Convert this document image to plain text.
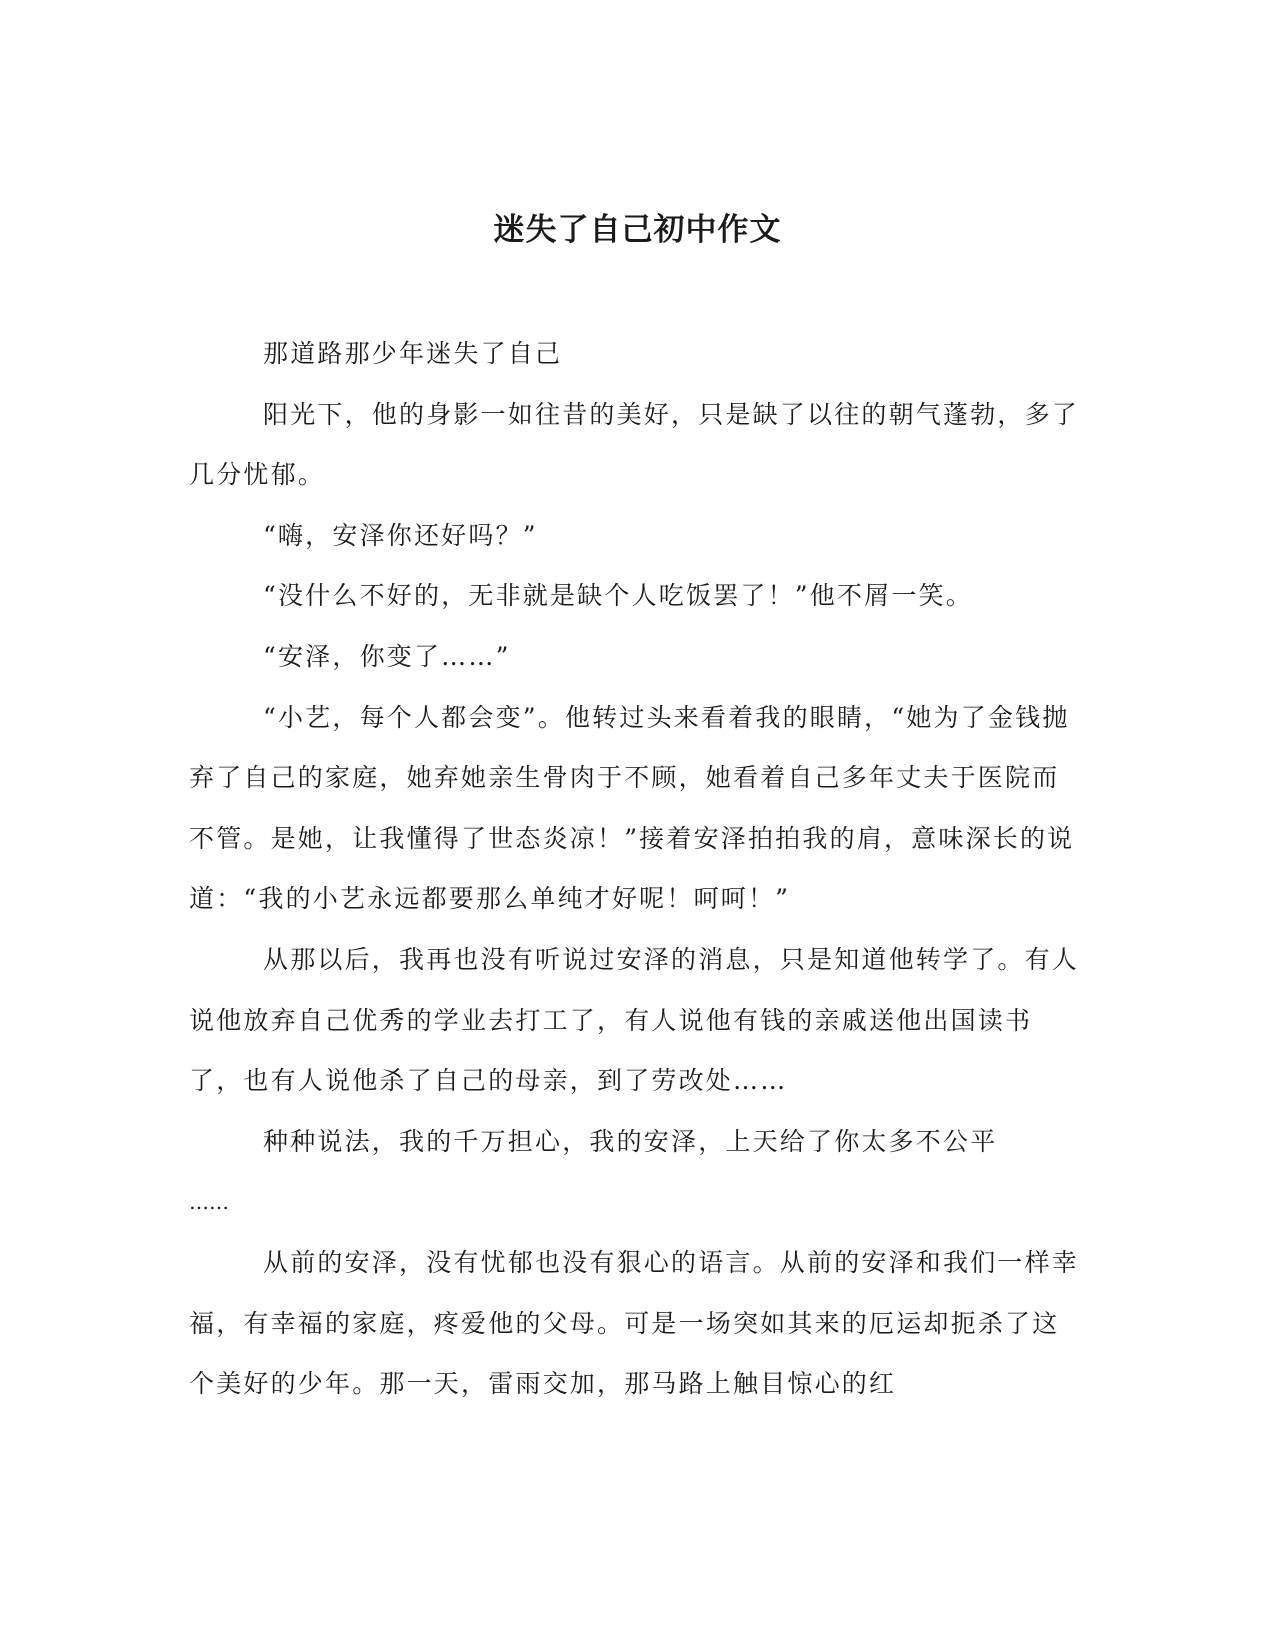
迷失了自己初中作文

那道路那少年迷失了自己

阳光下，他的身影一如往昔的美好，只是缺了以往的朝气蓬勃，多了几分忧郁。

“嗨，安泽你还好吗？”

“没什么不好的，无非就是缺个人吃饭罢了！”他不屑一笑。

“安泽，你变了……”

“小艺，每个人都会变”。他转过头来看着我的眼睛，“她为了金钱抛弃了自己的家庭，她弃她亲生骨肉于不顾，她看着自己多年丈夫于医院而不管。是她，让我懂得了世态炎凉！”接着安泽拍拍我的肩，意味深长的说道：“我的小艺永远都要那么单纯才好呢！呵呵！”

从那以后，我再也没有听说过安泽的消息，只是知道他转学了。有人说他放弃自己优秀的学业去打工了，有人说他有钱的亲戚送他出国读书了，也有人说他杀了自己的母亲，到了劳改处……

种种说法，我的千万担心，我的安泽，上天给了你太多不公平

……

从前的安泽，没有忧郁也没有狠心的语言。从前的安泽和我们一样幸福，有幸福的家庭，疼爱他的父母。可是一场突如其来的厄运却扼杀了这个美好的少年。那一天，雷雨交加，那马路上触目惊心的红
